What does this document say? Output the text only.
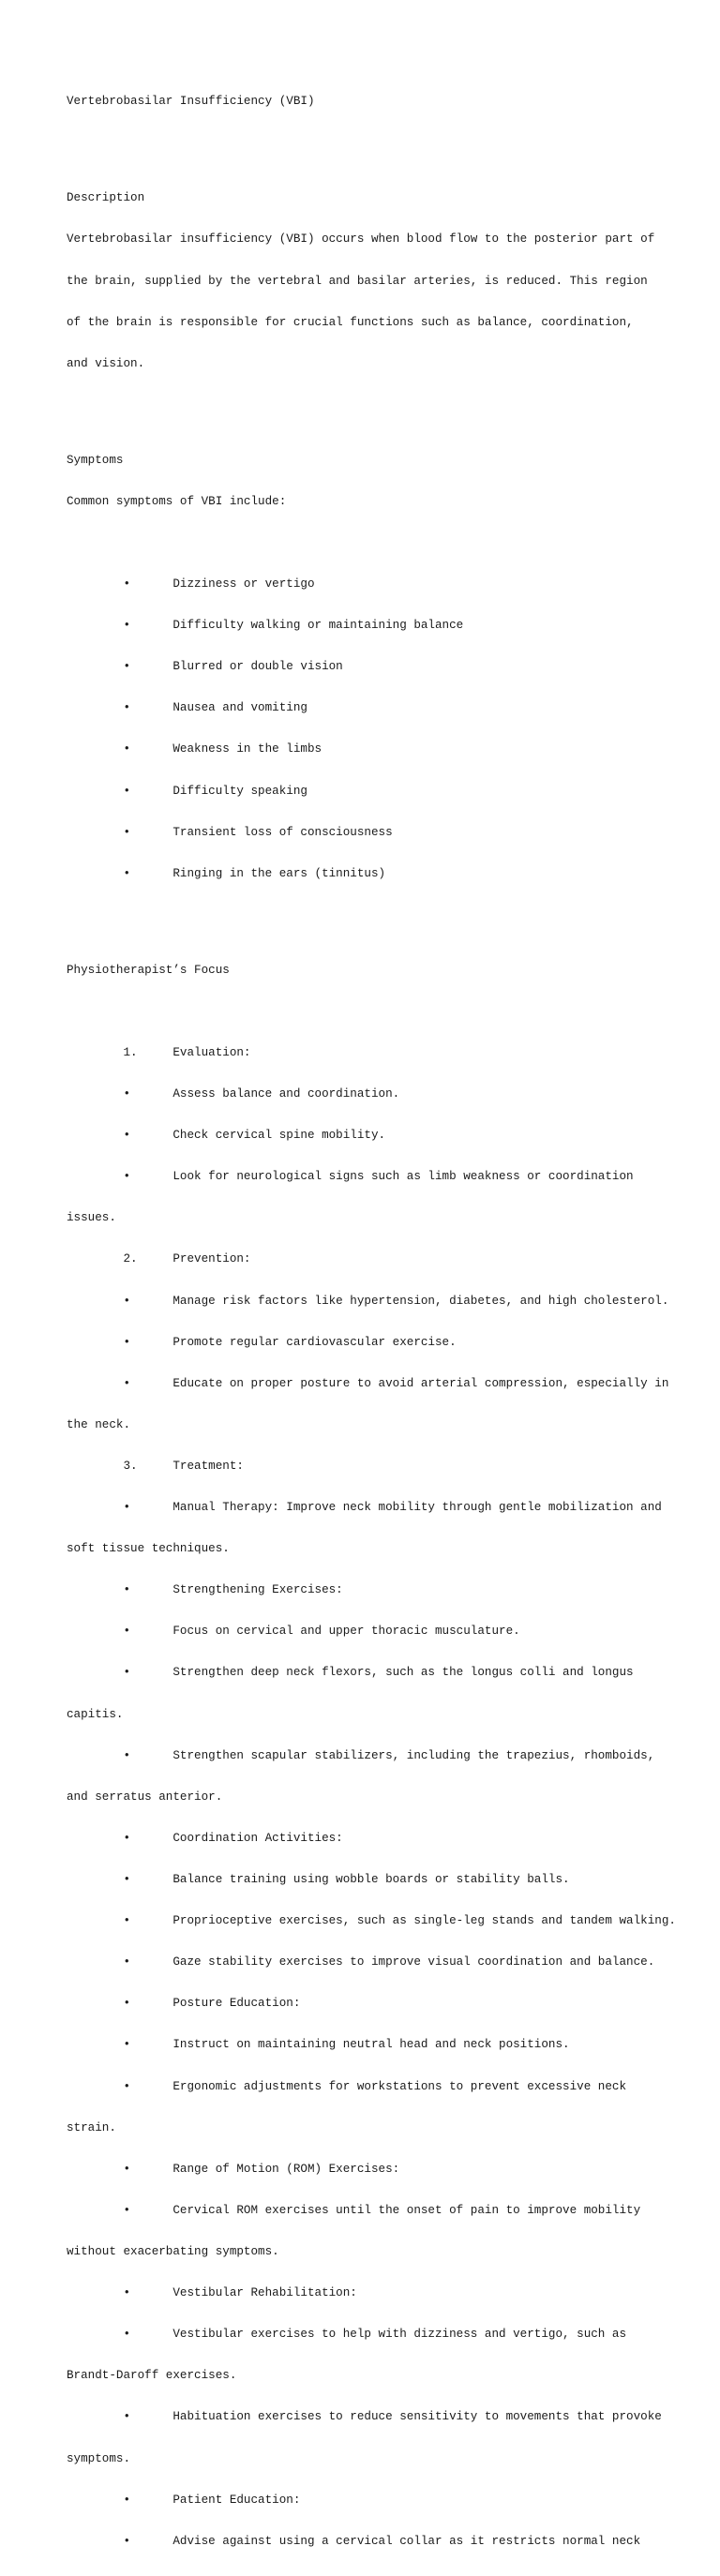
Vertebrobasilar Insufficiency (VBI)

Description

Vertebrobasilar insufficiency (VBI) occurs when blood flow to the posterior part of

the brain, supplied by the vertebral and basilar arteries, is reduced. This region

of the brain is responsible for crucial functions such as balance, coordination,

and vision.

Symptoms

Common symptoms of VBI include:

•      Dizziness or vertigo

•      Difficulty walking or maintaining balance

•      Blurred or double vision

•      Nausea and vomiting

•      Weakness in the limbs

•      Difficulty speaking

•      Transient loss of consciousness

•      Ringing in the ears (tinnitus)

Physiotherapist’s Focus

1.     Evaluation:

•      Assess balance and coordination.

•      Check cervical spine mobility.

•      Look for neurological signs such as limb weakness or coordination

issues.

2.     Prevention:

•      Manage risk factors like hypertension, diabetes, and high cholesterol.

•      Promote regular cardiovascular exercise.

•      Educate on proper posture to avoid arterial compression, especially in

the neck.

3.     Treatment:

•      Manual Therapy: Improve neck mobility through gentle mobilization and

soft tissue techniques.

•      Strengthening Exercises:

•      Focus on cervical and upper thoracic musculature.

•      Strengthen deep neck flexors, such as the longus colli and longus

capitis.

•      Strengthen scapular stabilizers, including the trapezius, rhomboids,

and serratus anterior.

•      Coordination Activities:

•      Balance training using wobble boards or stability balls.

•      Proprioceptive exercises, such as single-leg stands and tandem walking.

•      Gaze stability exercises to improve visual coordination and balance.

•      Posture Education:

•      Instruct on maintaining neutral head and neck positions.

•      Ergonomic adjustments for workstations to prevent excessive neck

strain.

•      Range of Motion (ROM) Exercises:

•      Cervical ROM exercises until the onset of pain to improve mobility

without exacerbating symptoms.

•      Vestibular Rehabilitation:

•      Vestibular exercises to help with dizziness and vertigo, such as

Brandt-Daroff exercises.

•      Habituation exercises to reduce sensitivity to movements that provoke

symptoms.

•      Patient Education:

•      Advise against using a cervical collar as it restricts normal neck
